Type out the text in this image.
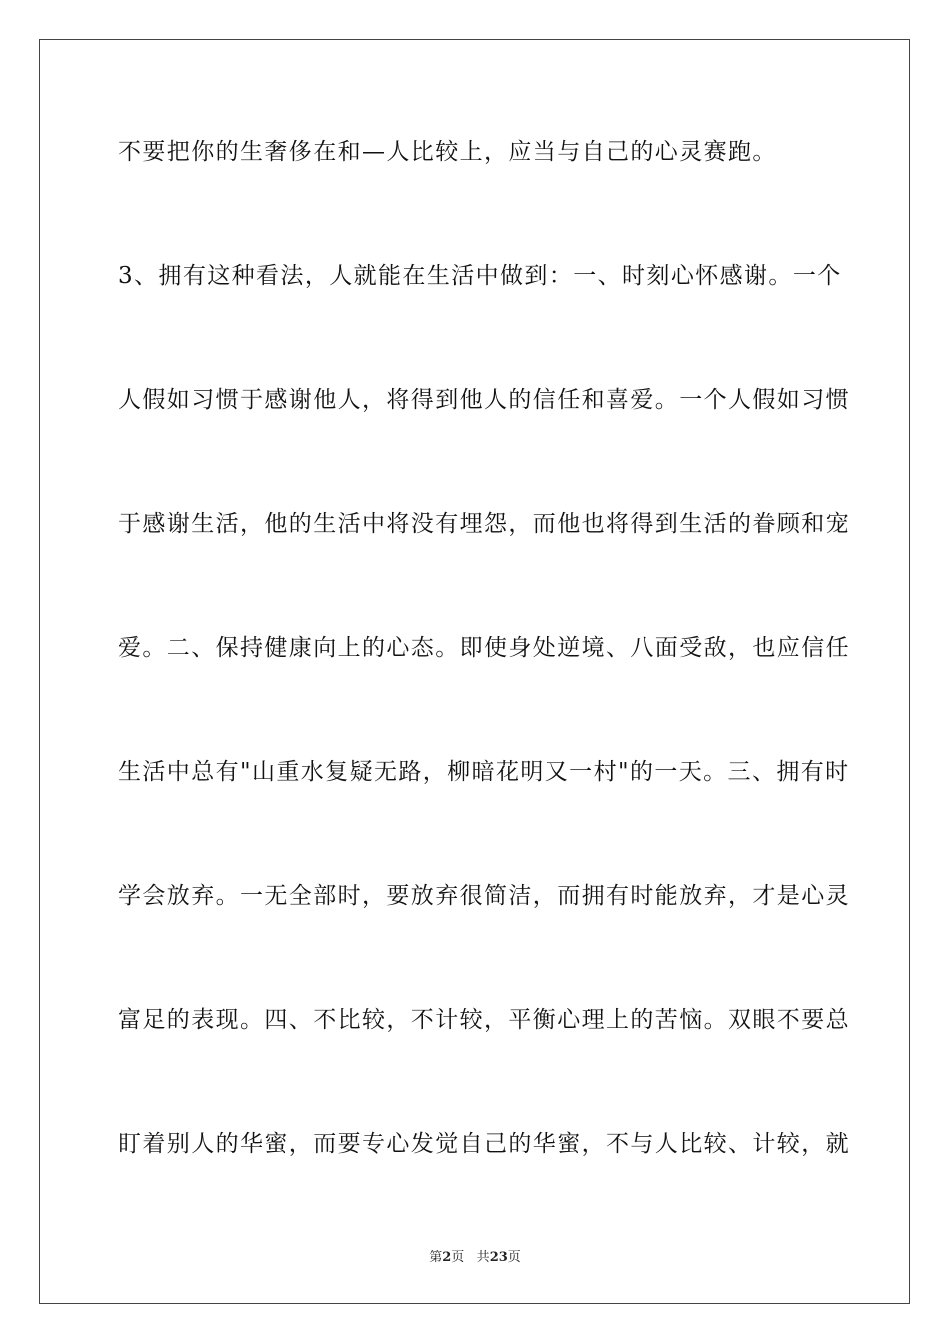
不要把你的生奢侈在和—人比较上，应当与自己的心灵赛跑。
3、拥有这种看法，人就能在生活中做到：一、时刻心怀感谢。一个
人假如习惯于感谢他人，将得到他人的信任和喜爱。一个人假如习惯
于感谢生活，他的生活中将没有埋怨，而他也将得到生活的眷顾和宠
爱。二、保持健康向上的心态。即使身处逆境、八面受敌，也应信任
生活中总有"山重水复疑无路，柳暗花明又一村"的一天。三、拥有时
学会放弃。一无全部时，要放弃很简洁，而拥有时能放弃，才是心灵
富足的表现。四、不比较，不计较，平衡心理上的苦恼。双眼不要总
盯着别人的华蜜，而要专心发觉自己的华蜜，不与人比较、计较，就
第2页 共23页
